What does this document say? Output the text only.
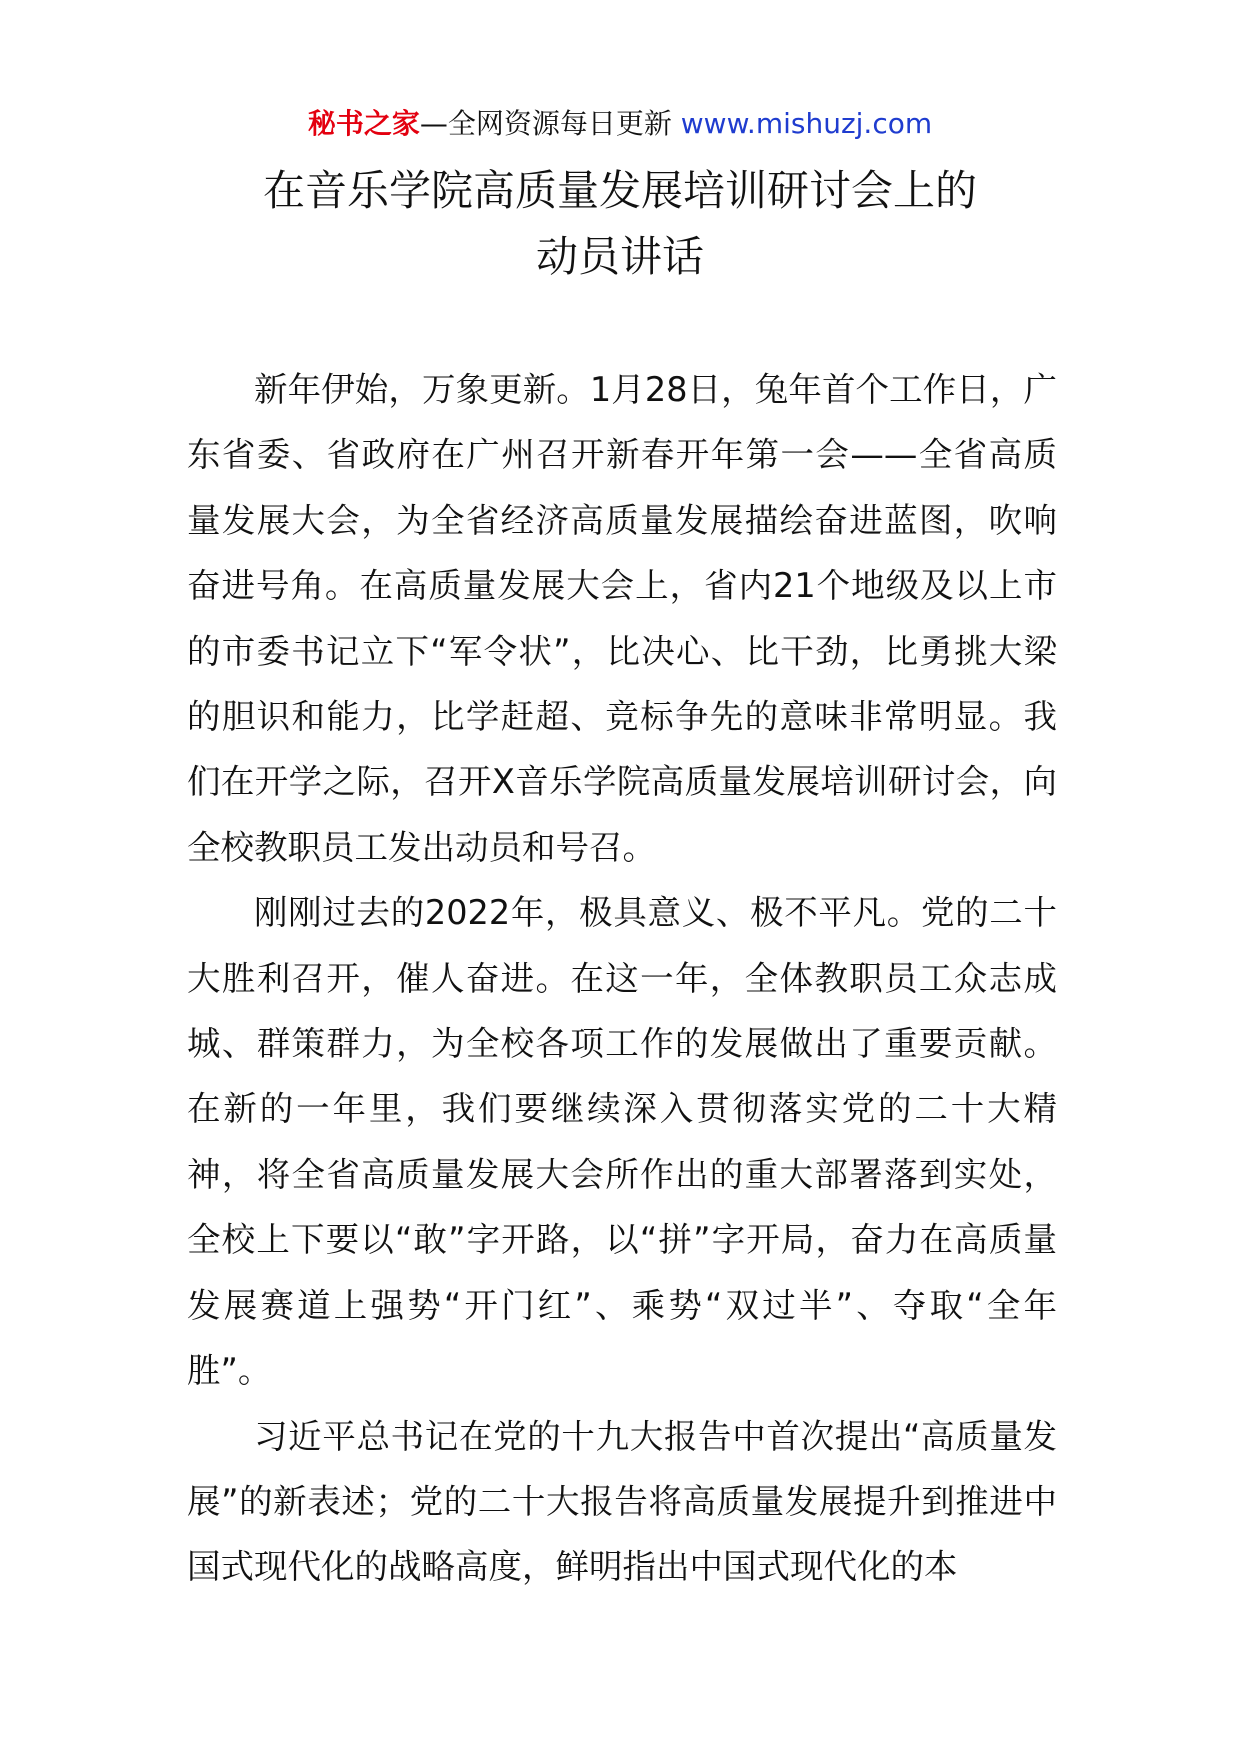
秘书之家—全网资源每日更新 www.mishuzj.com
在音乐学院高质量发展培训研讨会上的
动员讲话

新年伊始，万象更新。1月28日，兔年首个工作日，广东省委、省政府在广州召开新春开年第一会——全省高质量发展大会，为全省经济高质量发展描绘奋进蓝图，吹响奋进号角。在高质量发展大会上，省内21个地级及以上市的市委书记立下“军令状”，比决心、比干劲，比勇挑大梁的胆识和能力，比学赶超、竞标争先的意味非常明显。我们在开学之际，召开X音乐学院高质量发展培训研讨会，向全校教职员工发出动员和号召。

刚刚过去的2022年，极具意义、极不平凡。党的二十大胜利召开，催人奋进。在这一年，全体教职员工众志成城、群策群力，为全校各项工作的发展做出了重要贡献。在新的一年里，我们要继续深入贯彻落实党的二十大精神，将全省高质量发展大会所作出的重大部署落到实处，全校上下要以“敢”字开路，以“拼”字开局，奋力在高质量发展赛道上强势“开门红”、乘势“双过半”、夺取“全年胜”。

习近平总书记在党的十九大报告中首次提出“高质量发展”的新表述；党的二十大报告将高质量发展提升到推进中国式现代化的战略高度，鲜明指出中国式现代化的本
